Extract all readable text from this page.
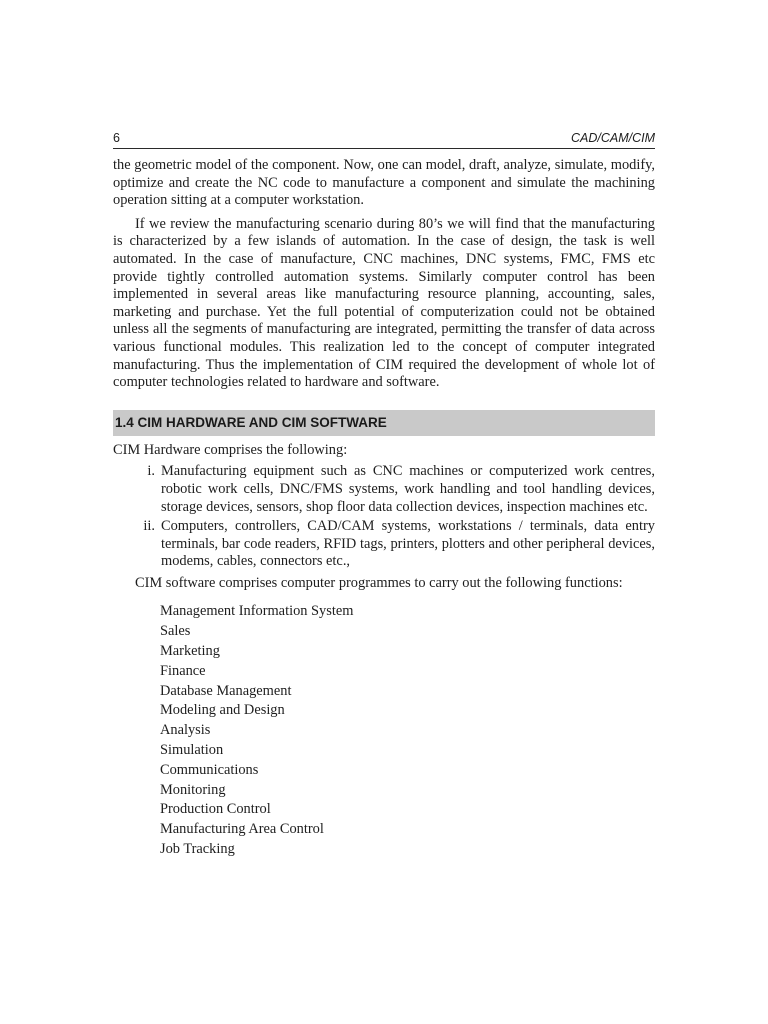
6	CAD/CAM/CIM

the geometric model of the component. Now, one can model, draft, analyze, simulate, modify, optimize and create the NC code to manufacture a component and simulate the machining operation sitting at a computer workstation.

If we review the manufacturing scenario during 80’s we will find that the manufacturing is characterized by a few islands of automation. In the case of design, the task is well automated. In the case of manufacture, CNC machines, DNC systems, FMC, FMS etc provide tightly controlled automation systems. Similarly computer control has been implemented in several areas like manufacturing resource planning, accounting, sales, marketing and purchase. Yet the full potential of computerization could not be obtained unless all the segments of manufacturing are integrated, permitting the transfer of data across various functional modules. This realization led to the concept of computer integrated manufacturing. Thus the implementation of CIM required the development of whole lot of computer technologies related to hardware and software.

1.4 CIM HARDWARE AND CIM SOFTWARE

CIM Hardware comprises the following:

i. Manufacturing equipment such as CNC machines or computerized work centres, robotic work cells, DNC/FMS systems, work handling and tool handling devices, storage devices, sensors, shop floor data collection devices, inspection machines etc.
ii. Computers, controllers, CAD/CAM systems, workstations / terminals, data entry terminals, bar code readers, RFID tags, printers, plotters and other peripheral devices, modems, cables, connectors etc.,

CIM software comprises computer programmes to carry out the following functions:

Management Information System
Sales
Marketing
Finance
Database Management
Modeling and Design
Analysis
Simulation
Communications
Monitoring
Production Control
Manufacturing Area Control
Job Tracking
